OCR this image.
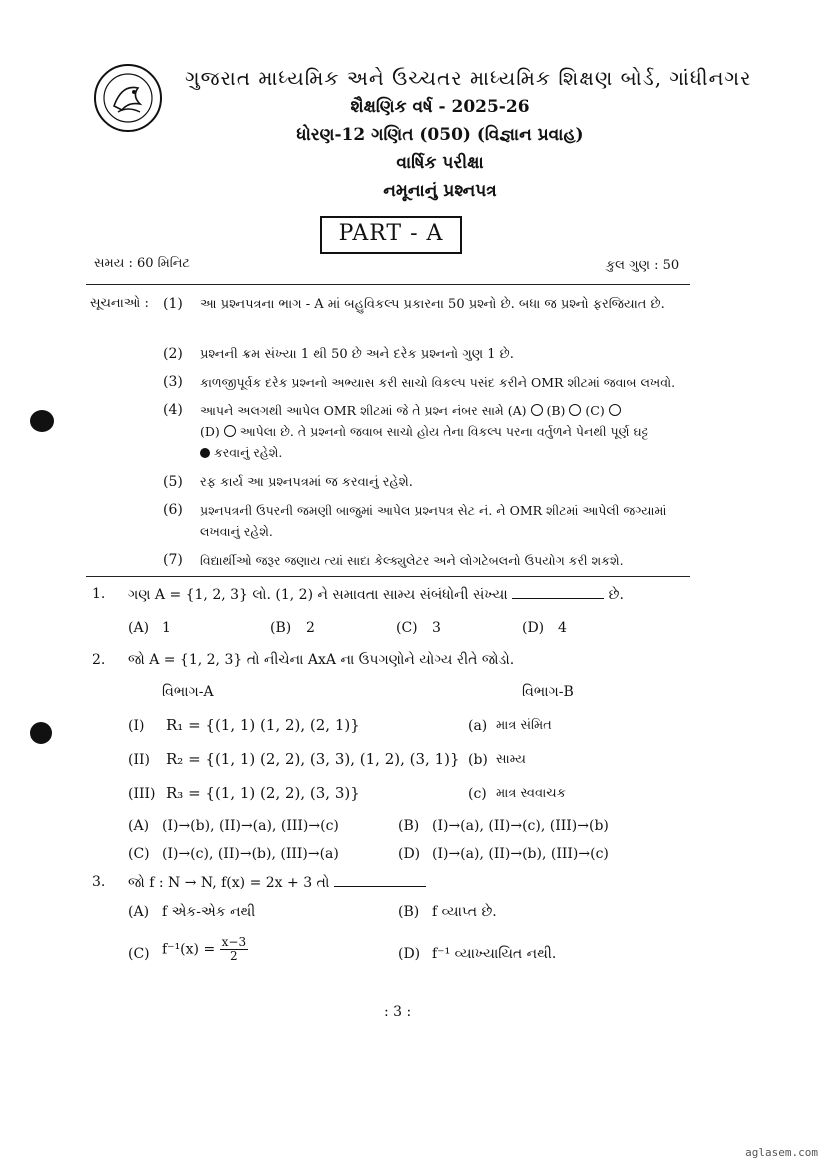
ગુજરાત માધ્યમિક અને ઉચ્ચતર માધ્યમિક શિક્ષણ બોર્ડ, ગાંધીનગર
શૈક્ષણિક વર્ષ - 2025-26
ધોરણ-12 ગણિત (050) (વિજ્ઞાન પ્રવાહ)
વાર્ષિક પરીક્ષા
નમૂનાનું પ્રશ્નપત્ર
PART - A
સમય : 60 મિનિટ	કુલ ગુણ : 50
સૂચનાઓ : (1) આ પ્રશ્નપત્રના ભાગ - A માં બહુવિકલ્પ પ્રકારના 50 પ્રશ્નો છે. બધા જ પ્રશ્નો ફરજિયાત છે.
(2) પ્રશ્નની ક્રમ સંખ્યા 1 થી 50 છે અને દરેક પ્રશ્નનો ગુણ 1 છે.
(3) કાળજીપૂર્વક દરેક પ્રશ્નનો અભ્યાસ કરી સાચો વિકલ્પ પસંદ કરીને OMR શીટમાં જવાબ લખવો.
(4) આપને અલગથી આપેલ OMR શીટમાં જે તે પ્રશ્ન નંબર સામે (A) (B) (C)
(D) આપેલા છે. તે પ્રશ્નનો જવાબ સાચો હોય તેના વિકલ્પ પરના વર્તુળને પેનથી પૂર્ણ ઘટ્ટ
કરવાનું રહેશે.
(5) રફ કાર્ય આ પ્રશ્નપત્રમાં જ કરવાનું રહેશે.
(6) પ્રશ્નપત્રની ઉપરની જમણી બાજુમાં આપેલ પ્રશ્નપત્ર સેટ નં. ને OMR શીટમાં આપેલી જગ્યામાં લખવાનું રહેશે.
(7) વિદ્યાર્થીઓ જરૂર જણાય ત્યાં સાદા કેલ્ક્યુલેટર અને લોગટેબલનો ઉપયોગ કરી શકશે.
1. ગણ A = {1, 2, 3} લો. (1, 2) ને સમાવતા સામ્ય સંબંધોની સંખ્યા	છે.
(A) 1	(B) 2	(C) 3	(D) 4
2. જો A = {1, 2, 3} તો નીચેના AxA ના ઉપગણોને યોગ્ય રીતે જોડો.
વિભાગ-A	વિભાગ-B
(I) R₁ = {(1, 1) (1, 2), (2, 1)}	(a) માત્ર સંમિત
(II) R₂ = {(1, 1) (2, 2), (3, 3), (1, 2), (3, 1)} (b) સામ્ય
(III) R₃ = {(1, 1) (2, 2), (3, 3)}	(c) માત્ર સ્વવાચક
(A) (I)→(b), (II)→(a), (III)→(c)	(B) (I)→(a), (II)→(c), (III)→(b)
(C) (I)→(c), (II)→(b), (III)→(a)	(D) (I)→(a), (II)→(b), (III)→(c)
3. જો f : N → N, f(x) = 2x + 3 તો
(A) f એક-એક નથી	(B) f વ્યાપ્ત છે.
(C) $f^{-1}(x) = \frac{x-3}{2}$	(D) f⁻¹ વ્યાખ્યાયિત નથી.
: 3 :
aglasem.com
